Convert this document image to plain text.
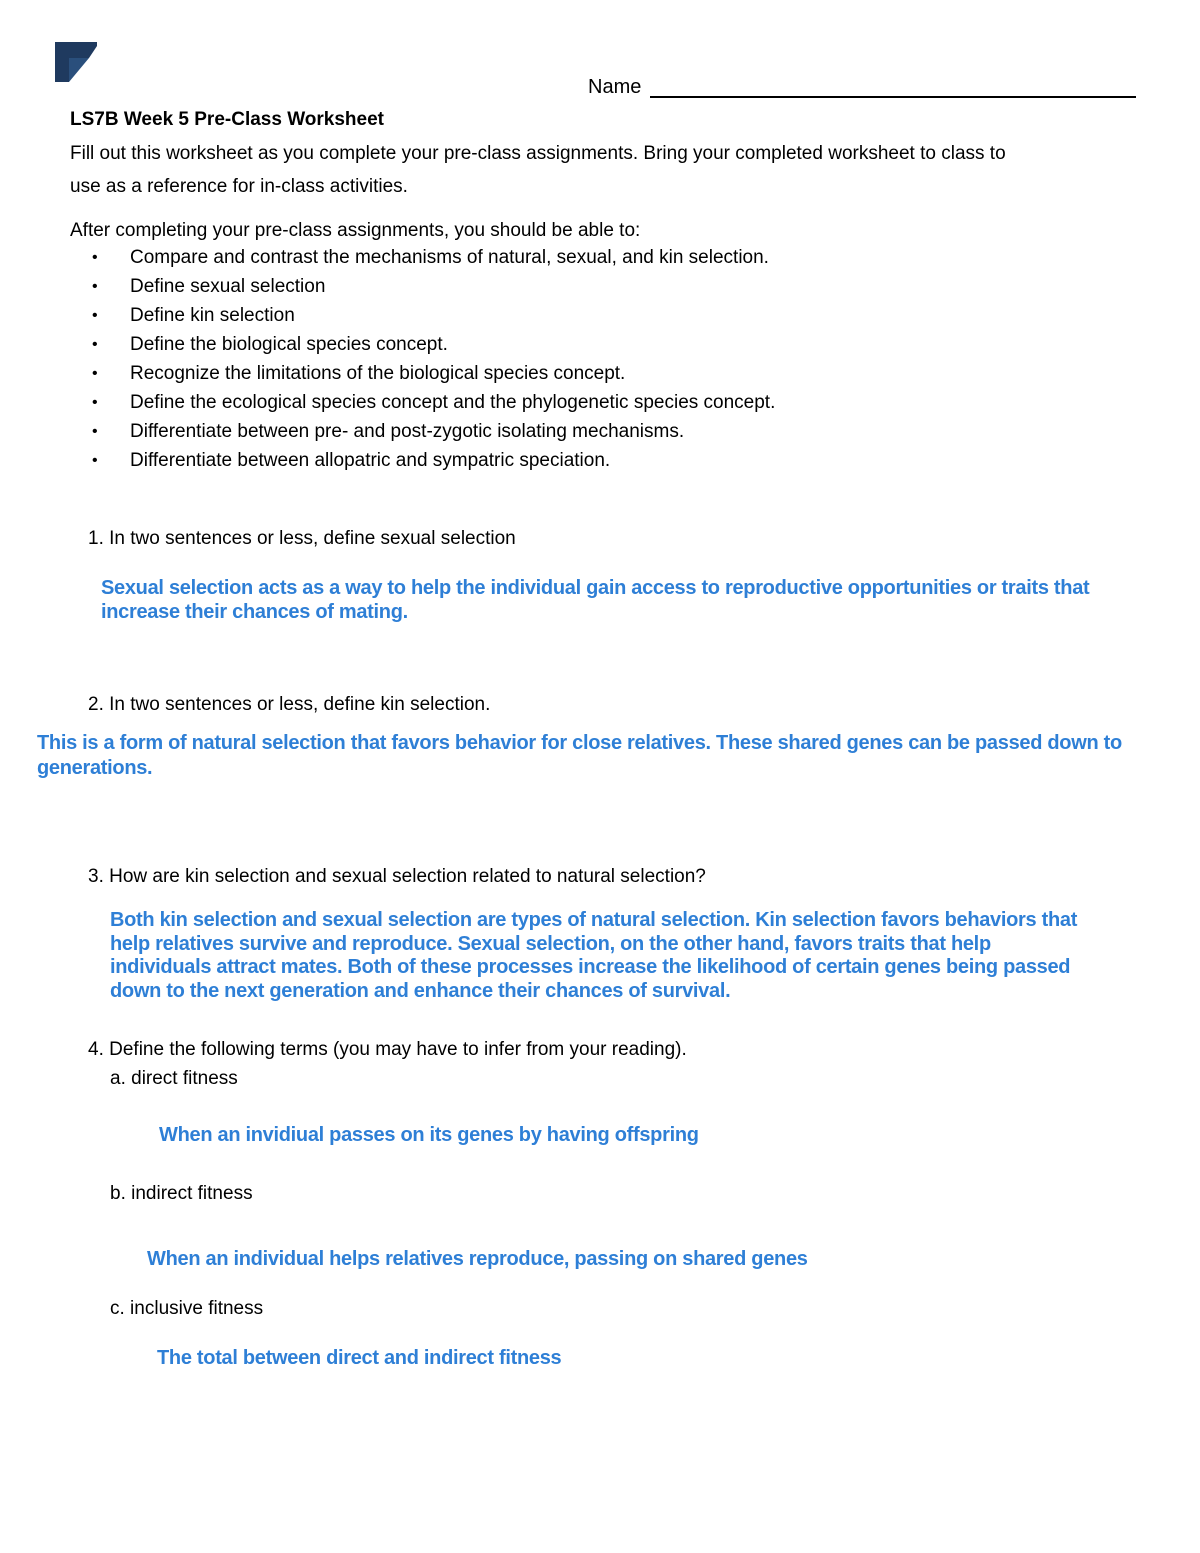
Name
LS7B Week 5 Pre-Class Worksheet
Fill out this worksheet as you complete your pre-class assignments. Bring your completed worksheet to class to
use as a reference for in-class activities.
After completing your pre-class assignments, you should be able to:
• Compare and contrast the mechanisms of natural, sexual, and kin selection.
• Define sexual selection
• Define kin selection
• Define the biological species concept.
• Recognize the limitations of the biological species concept.
• Define the ecological species concept and the phylogenetic species concept.
• Differentiate between pre- and post-zygotic isolating mechanisms.
• Differentiate between allopatric and sympatric speciation.
1. In two sentences or less, define sexual selection
Sexual selection acts as a way to help the individual gain access to reproductive opportunities or traits that
increase their chances of mating.
2. In two sentences or less, define kin selection.
This is a form of natural selection that favors behavior for close relatives. These shared genes can be passed down to
generations.
3. How are kin selection and sexual selection related to natural selection?
Both kin selection and sexual selection are types of natural selection. Kin selection favors behaviors that
help relatives survive and reproduce. Sexual selection, on the other hand, favors traits that help
individuals attract mates. Both of these processes increase the likelihood of certain genes being passed
down to the next generation and enhance their chances of survival.
4. Define the following terms (you may have to infer from your reading).
a. direct fitness
When an invidiual passes on its genes by having offspring
b. indirect fitness
When an individual helps relatives reproduce, passing on shared genes
c. inclusive fitness
The total between direct and indirect fitness
